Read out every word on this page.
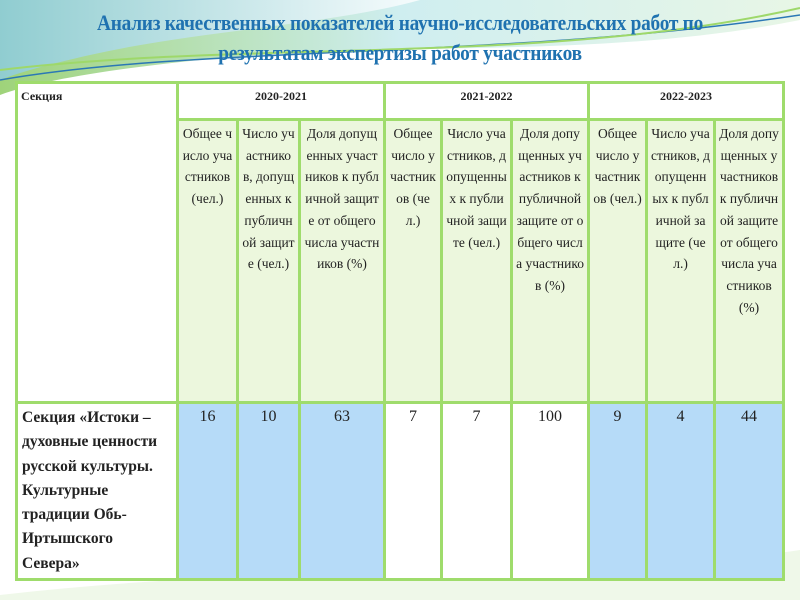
Анализ качественных показателей научно-исследовательских работ по результатам экспертизы работ участников
Секция	2020-2021			2021-2022			2022-2023		
	Общее число участников (чел.)	Число участников, допущенных к публичной защите (чел.)	Доля допущенных участников к публичной защите от общего числа участников (%)	Общее число участников (чел.)	Число участников, допущенных к публичной защите (чел.)	Доля допущенных участников к публичной защите от общего числа участников (%)	Общее число участников (чел.)	Число участников, допущенных к публичной защите (чел.)	Доля допущенных участников к публичной защите от общего числа участников (%)
Секция «Истоки – духовные ценности русской культуры. Культурные традиции Обь-Иртышского Севера»	16	10	63	7	7	100	9	4	44
